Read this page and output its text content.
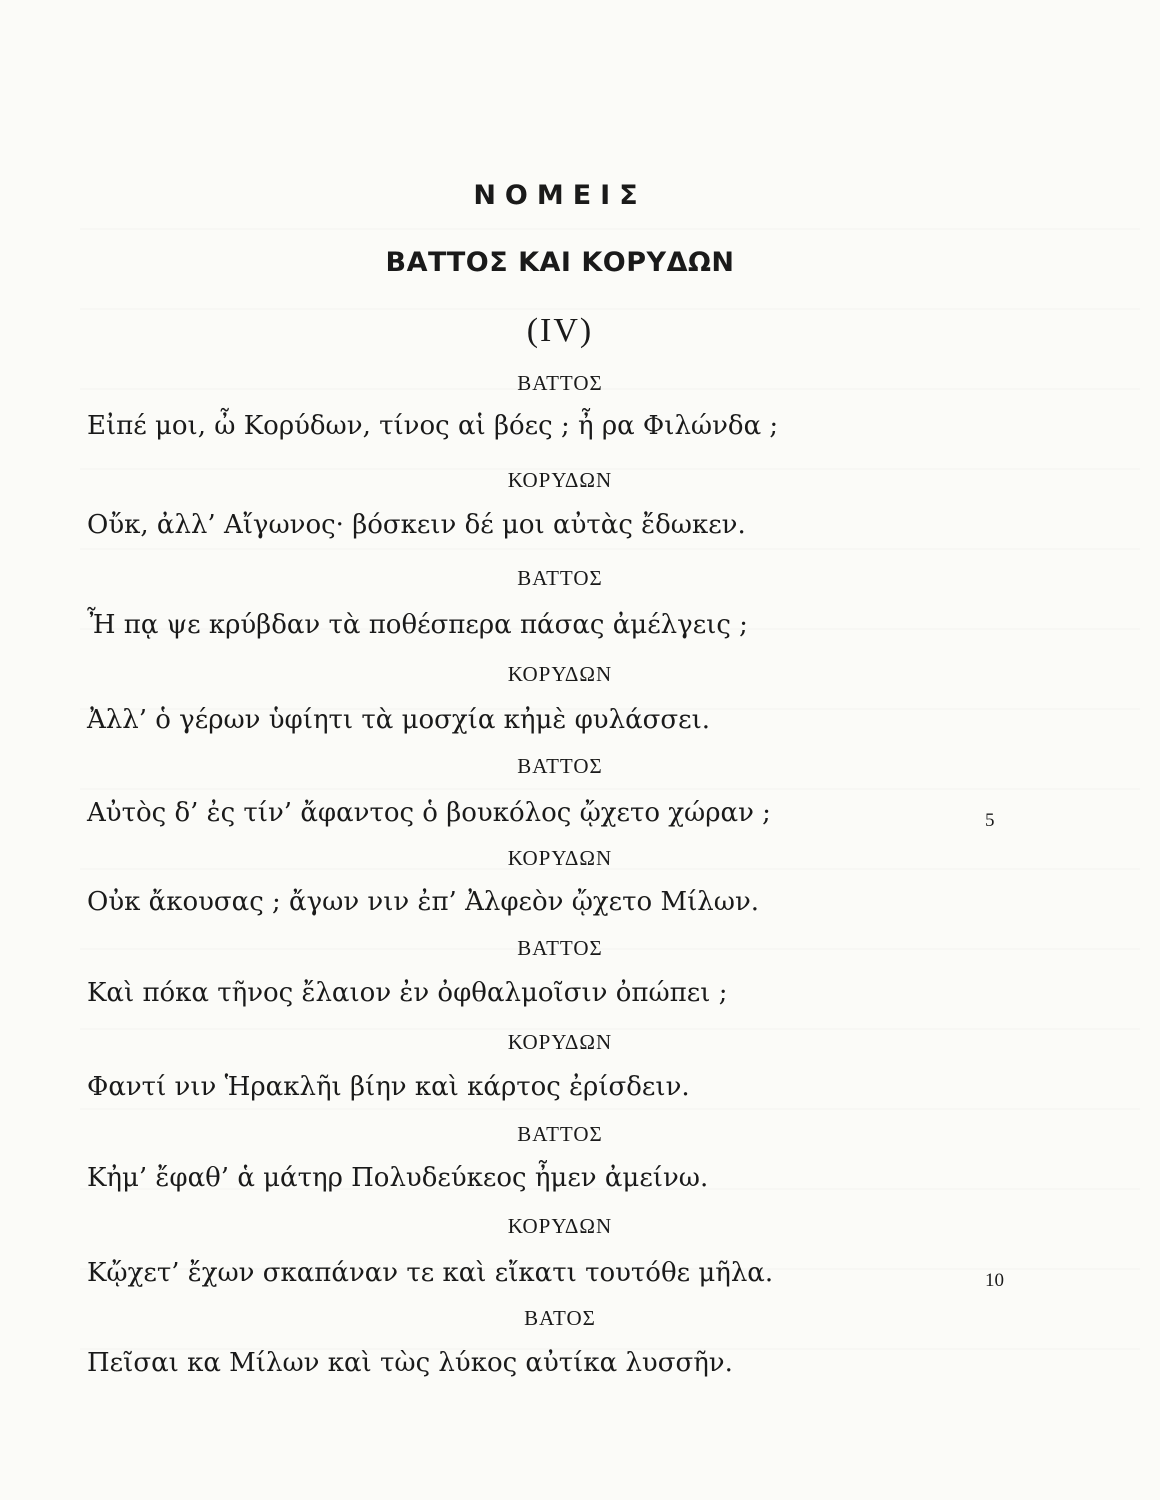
ΝΟΜΕΙΣ
ΒΑΤΤΟΣ ΚΑΙ ΚΟΡΥΔΩΝ
(IV)
ΒΑΤΤΟΣ
Εἰπέ μοι, ὦ Κορύδων, τίνος αἱ βόες ; ἦ ρα Φιλώνδα ;
ΚΟΡΥΔΩΝ
Οὔκ, ἀλλ’ Αἴγωνος· βόσκειν δέ μοι αὐτὰς ἔδωκεν.
ΒΑΤΤΟΣ
Ἦ πᾳ ψε κρύβδαν τὰ ποθέσπερα πάσας ἀμέλγεις ;
ΚΟΡΥΔΩΝ
Ἀλλ’ ὁ γέρων ὑφίητι τὰ μοσχία κἠμὲ φυλάσσει.
ΒΑΤΤΟΣ
Αὐτὸς δ’ ἐς τίν’ ἄφαντος ὁ βουκόλος ᾤχετο χώραν ;	5
ΚΟΡΥΔΩΝ
Οὐκ ἄκουσας ; ἄγων νιν ἐπ’ Ἀλφεὸν ᾤχετο Μίλων.
ΒΑΤΤΟΣ
Καὶ πόκα τῆνος ἔλαιον ἐν ὀφθαλμοῖσιν ὀπώπει ;
ΚΟΡΥΔΩΝ
Φαντί νιν Ἡρακλῆι βίην καὶ κάρτος ἐρίσδειν.
ΒΑΤΤΟΣ
Κἠμ’ ἔφαθ’ ἁ μάτηρ Πολυδεύκεος ἦμεν ἀμείνω.
ΚΟΡΥΔΩΝ
Κᾤχετ’ ἔχων σκαπάναν τε καὶ εἴκατι τουτόθε μῆλα.	10
ΒΑΤΟΣ
Πεῖσαι κα Μίλων καὶ τὼς λύκος αὐτίκα λυσσῆν.
